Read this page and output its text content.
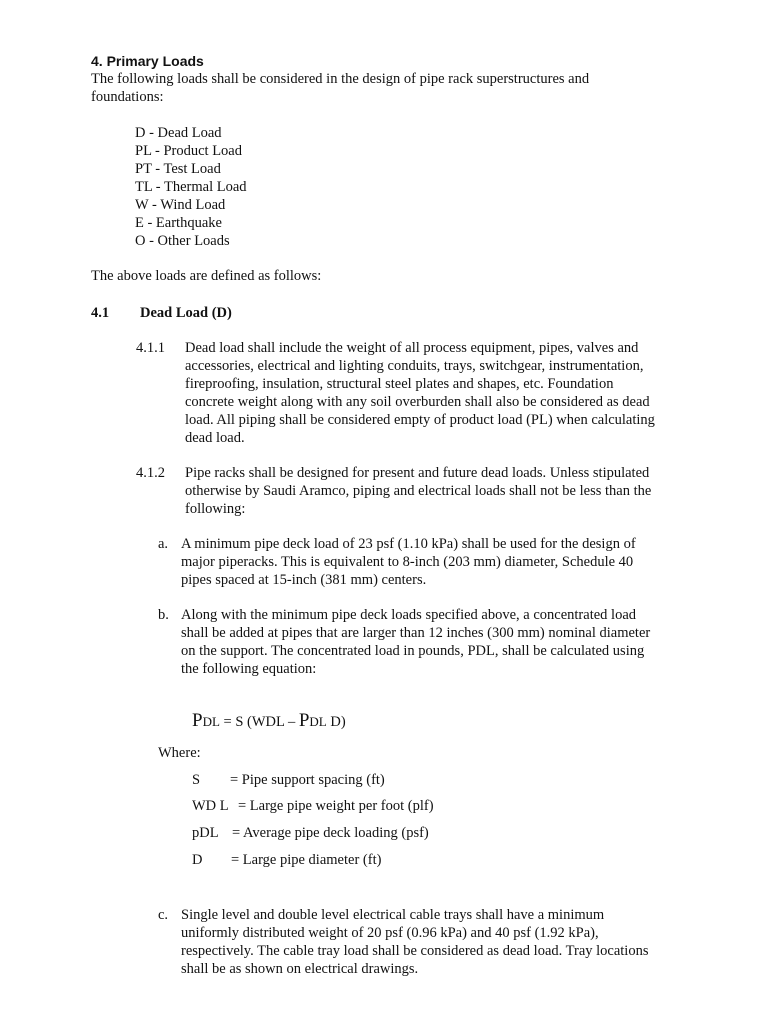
4. Primary Loads
The following loads shall be considered in the design of pipe rack superstructures and
foundations:
D - Dead Load
PL - Product Load
PT - Test Load
TL - Thermal Load
W - Wind Load
E - Earthquake
O - Other Loads
The above loads are defined as follows:
4.1 Dead Load (D)
4.1.1 Dead load shall include the weight of all process equipment, pipes, valves and
accessories, electrical and lighting conduits, trays, switchgear, instrumentation,
fireproofing, insulation, structural steel plates and shapes, etc. Foundation
concrete weight along with any soil overburden shall also be considered as dead
load. All piping shall be considered empty of product load (PL) when calculating
dead load.
4.1.2 Pipe racks shall be designed for present and future dead loads. Unless stipulated
otherwise by Saudi Aramco, piping and electrical loads shall not be less than the
following:
a. A minimum pipe deck load of 23 psf (1.10 kPa) shall be used for the design of
major piperacks. This is equivalent to 8-inch (203 mm) diameter, Schedule 40
pipes spaced at 15-inch (381 mm) centers.
b. Along with the minimum pipe deck loads specified above, a concentrated load
shall be added at pipes that are larger than 12 inches (300 mm) nominal diameter
on the support. The concentrated load in pounds, PDL, shall be calculated using
the following equation:
PDL = S (WDL – PDL D)
Where:
S = Pipe support spacing (ft)
WD L = Large pipe weight per foot (plf)
pDL = Average pipe deck loading (psf)
D = Large pipe diameter (ft)
c. Single level and double level electrical cable trays shall have a minimum
uniformly distributed weight of 20 psf (0.96 kPa) and 40 psf (1.92 kPa),
respectively. The cable tray load shall be considered as dead load. Tray locations
shall be as shown on electrical drawings.
